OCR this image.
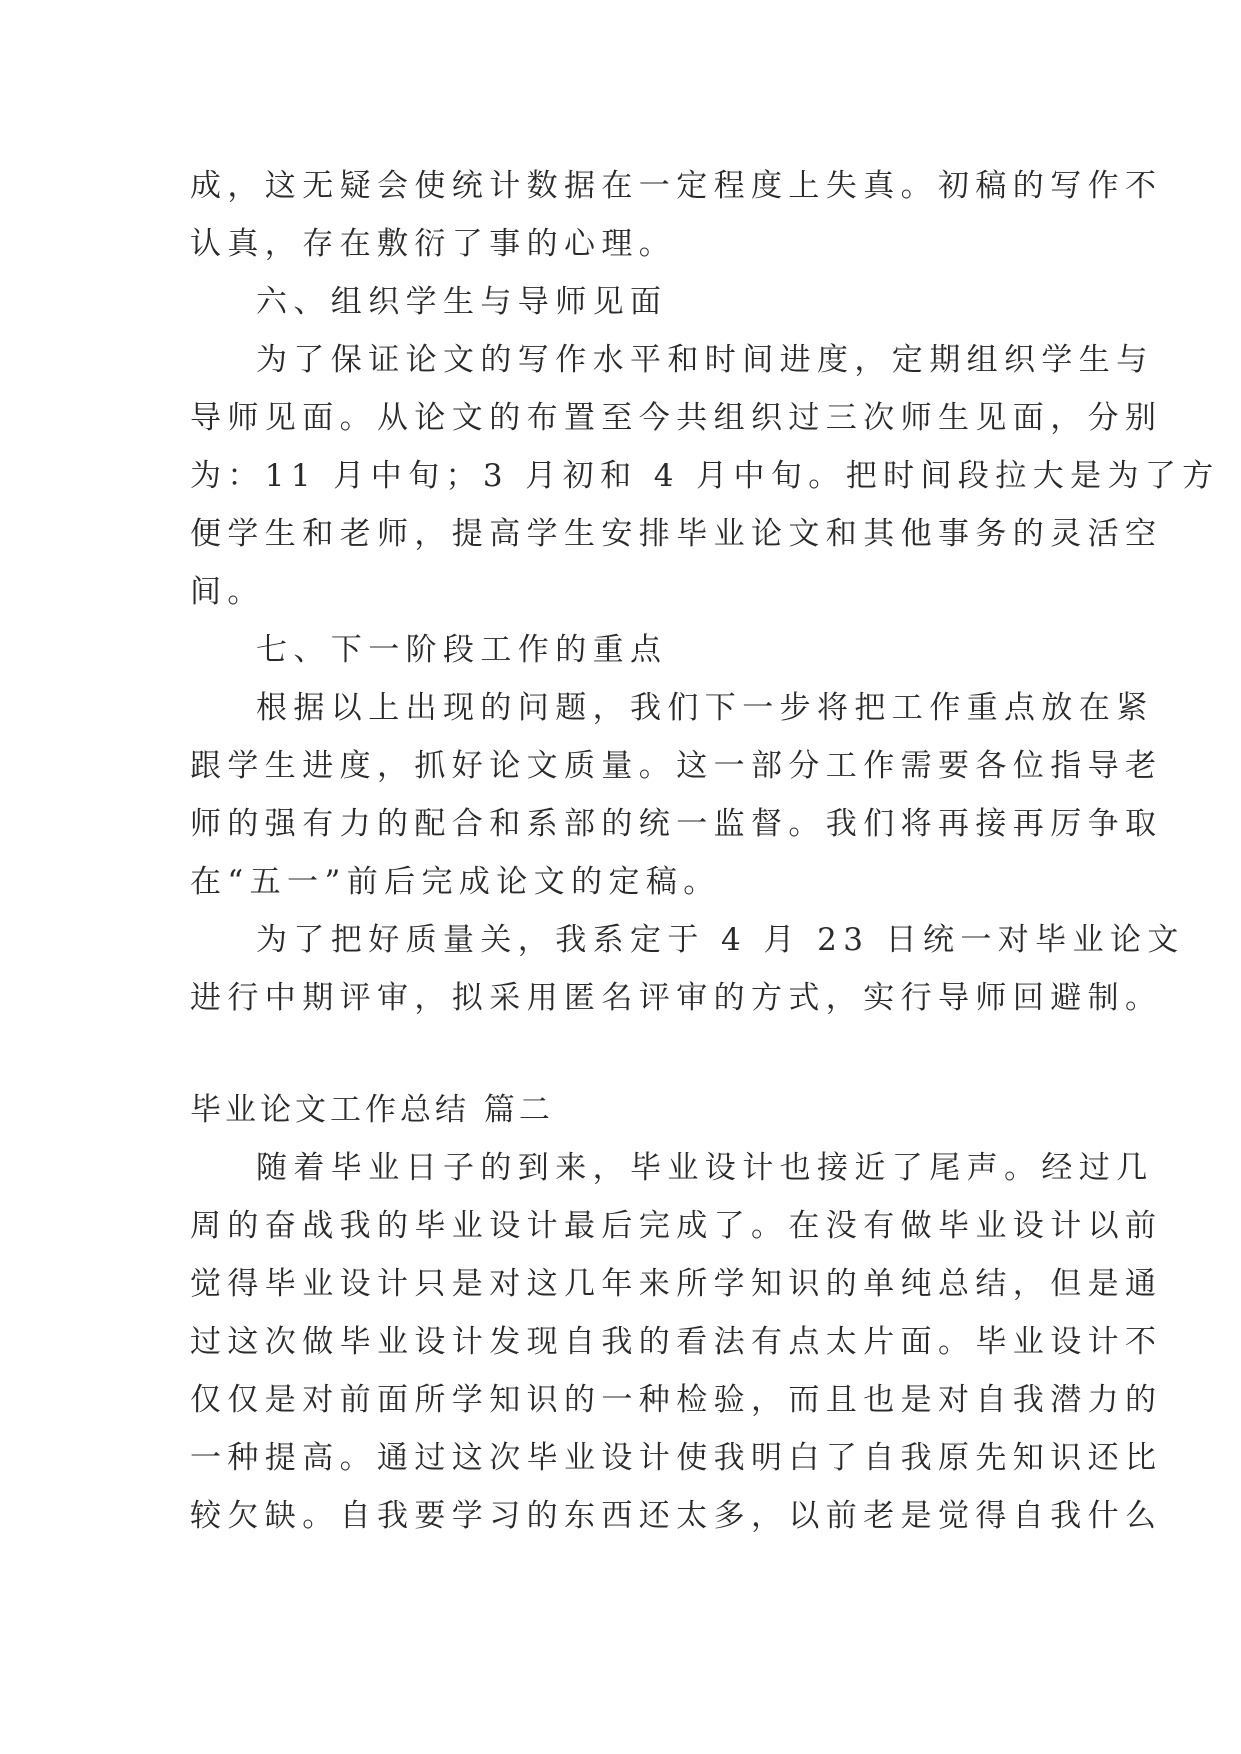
成，这无疑会使统计数据在一定程度上失真。初稿的写作不
认真，存在敷衍了事的心理。
六、组织学生与导师见面
为了保证论文的写作水平和时间进度，定期组织学生与
导师见面。从论文的布置至今共组织过三次师生见面，分别
为：11 月中旬；3 月初和 4 月中旬。把时间段拉大是为了方
便学生和老师，提高学生安排毕业论文和其他事务的灵活空
间。
七、下一阶段工作的重点
根据以上出现的问题，我们下一步将把工作重点放在紧
跟学生进度，抓好论文质量。这一部分工作需要各位指导老
师的强有力的配合和系部的统一监督。我们将再接再厉争取
在“五一”前后完成论文的定稿。
为了把好质量关，我系定于 4 月 23 日统一对毕业论文
进行中期评审，拟采用匿名评审的方式，实行导师回避制。
毕业论文工作总结 篇二
随着毕业日子的到来，毕业设计也接近了尾声。经过几
周的奋战我的毕业设计最后完成了。在没有做毕业设计以前
觉得毕业设计只是对这几年来所学知识的单纯总结，但是通
过这次做毕业设计发现自我的看法有点太片面。毕业设计不
仅仅是对前面所学知识的一种检验，而且也是对自我潜力的
一种提高。通过这次毕业设计使我明白了自我原先知识还比
较欠缺。自我要学习的东西还太多，以前老是觉得自我什么
